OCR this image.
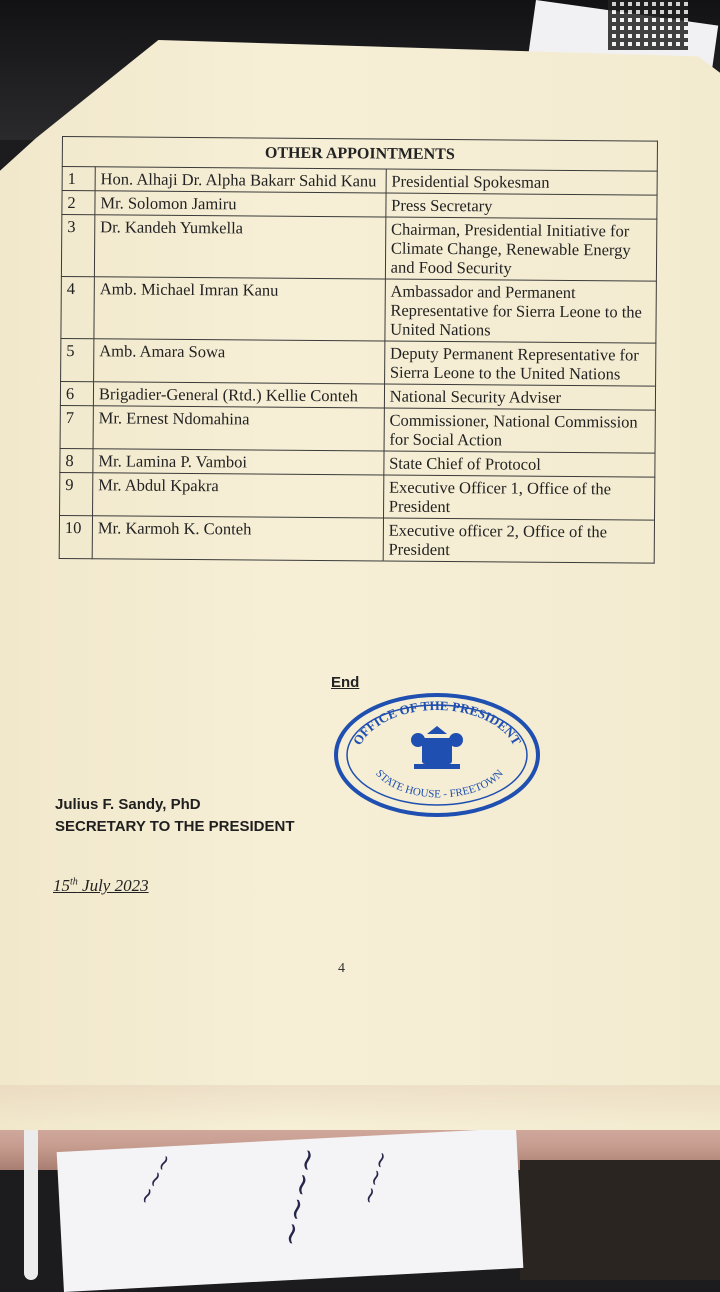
~~~	~~~~ ~~~
OTHER APPOINTMENTS		
1	Hon. Alhaji Dr. Alpha Bakarr Sahid Kanu	Presidential Spokesman
2	Mr. Solomon Jamiru	Press Secretary
3	Dr. Kandeh Yumkella	Chairman, Presidential Initiative for Climate Change, Renewable Energy and Food Security
4	Amb. Michael Imran Kanu	Ambassador and Permanent Representative for Sierra Leone to the United Nations
5	Amb. Amara Sowa	Deputy Permanent Representative for Sierra Leone to the United Nations
6	Brigadier-General (Rtd.) Kellie Conteh	National Security Adviser
7	Mr. Ernest Ndomahina	Commissioner, National Commission for Social Action
8	Mr. Lamina P. Vamboi	State Chief of Protocol
9	Mr. Abdul Kpakra	Executive Officer 1, Office of the President
10	Mr. Karmoh K. Conteh	Executive officer 2, Office of the President
End
OFFICE OF THE PRESIDENT
STATE HOUSE - FREETOWN
Julius F. Sandy, PhD
SECRETARY TO THE PRESIDENT
15th July 2023
4
